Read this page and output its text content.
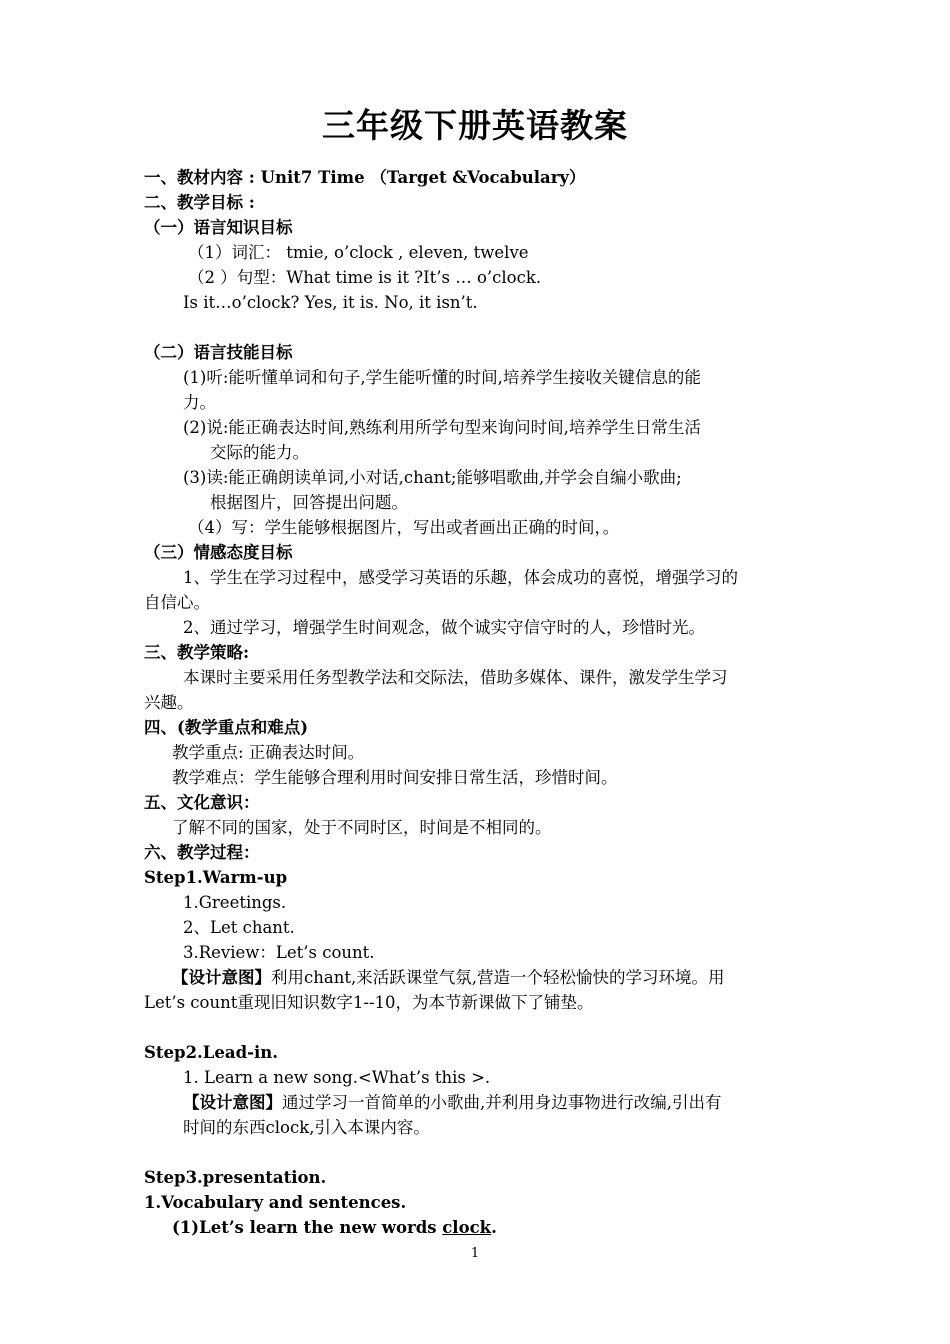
三年级下册英语教案
一、教材内容 : Unit7 Time （Target &Vocabulary）
二、教学目标 :
（一）语言知识目标
（1）词汇： tmie, o’clock , eleven, twelve
（2 ）句型：What time is it ?It’s … o’clock.
Is it…o’clock? Yes, it is. No, it isn’t.
（二）语言技能目标
(1)听:能听懂单词和句子,学生能听懂的时间,培养学生接收关键信息的能
力。
(2)说:能正确表达时间,熟练利用所学句型来询问时间,培养学生日常生活
交际的能力。
(3)读:能正确朗读单词,小对话,chant;能够唱歌曲,并学会自编小歌曲;
根据图片，回答提出问题。
（4）写：学生能够根据图片，写出或者画出正确的时间，。
（三）情感态度目标
1、学生在学习过程中，感受学习英语的乐趣，体会成功的喜悦，增强学习的
自信心。
2、通过学习，增强学生时间观念，做个诚实守信守时的人，珍惜时光。
三、教学策略:
本课时主要采用任务型教学法和交际法，借助多媒体、课件，激发学生学习
兴趣。
四、(教学重点和难点)
教学重点: 正确表达时间。
教学难点：学生能够合理利用时间安排日常生活，珍惜时间。
五、文化意识：
了解不同的国家，处于不同时区，时间是不相同的。
六、教学过程：
Step1.Warm-up
1.Greetings.
2、Let chant.
3.Review：Let’s count.
【设计意图】利用chant,来活跃课堂气氛,营造一个轻松愉快的学习环境。用
Let’s count重现旧知识数字1--10，为本节新课做下了铺垫。
Step2.Lead-in.
1. Learn a new song.<What’s this >.
【设计意图】通过学习一首简单的小歌曲,并利用身边事物进行改编,引出有
时间的东西clock,引入本课内容。
Step3.presentation.
1.Vocabulary and sentences.
(1)Let’s learn the new words clock.
1
